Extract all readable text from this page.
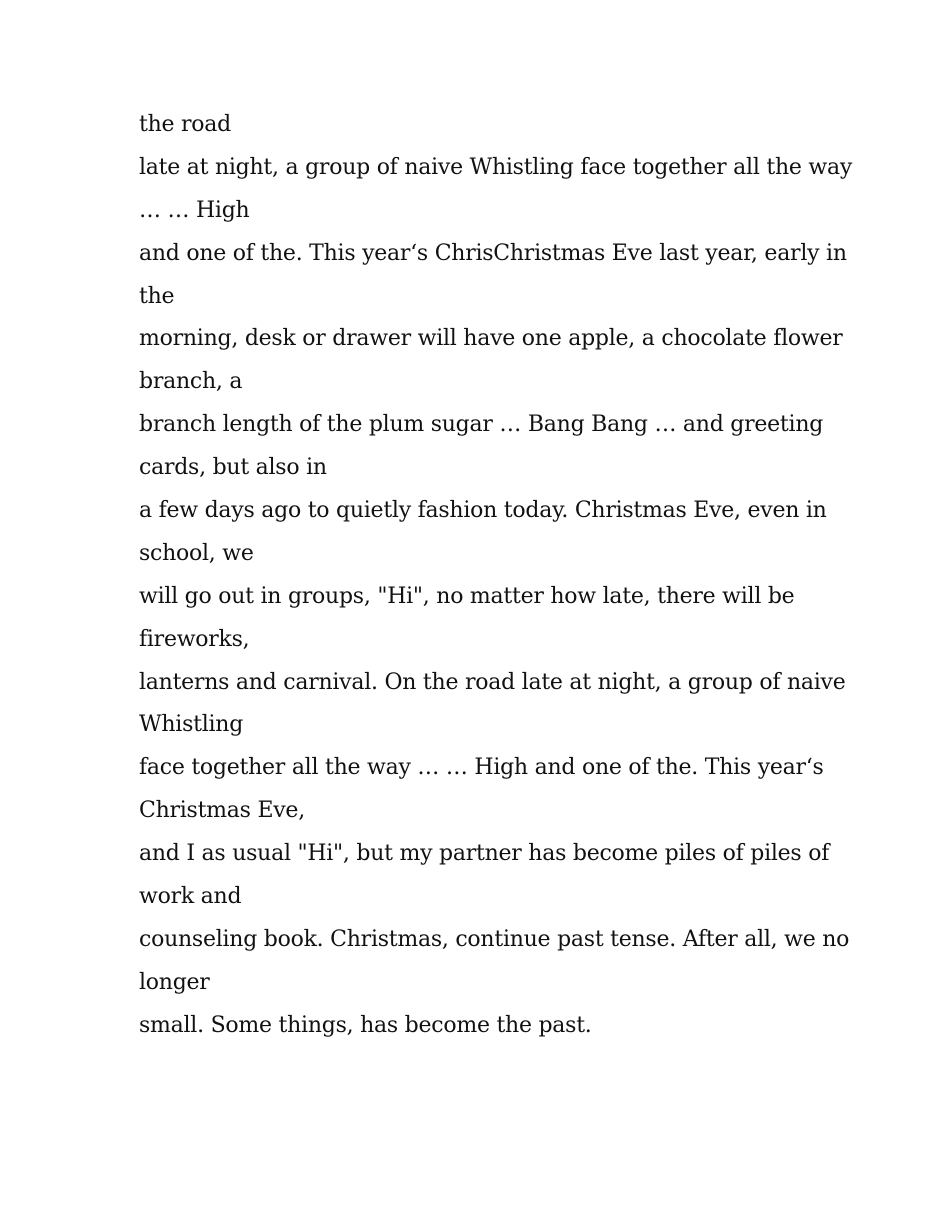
the road
late at night, a group of naive Whistling face together all the way
… … High
and one of the. This year‘s ChrisChristmas Eve last year, early in
the
morning, desk or drawer will have one apple, a chocolate flower
branch, a
branch length of the plum sugar … Bang Bang … and greeting
cards, but also in
a few days ago to quietly fashion today. Christmas Eve, even in
school, we
will go out in groups, "Hi", no matter how late, there will be
fireworks,
lanterns and carnival. On the road late at night, a group of naive
Whistling
face together all the way … … High and one of the. This year‘s
Christmas Eve,
and I as usual "Hi", but my partner has become piles of piles of
work and
counseling book. Christmas, continue past tense. After all, we no
longer
small. Some things, has become the past.
